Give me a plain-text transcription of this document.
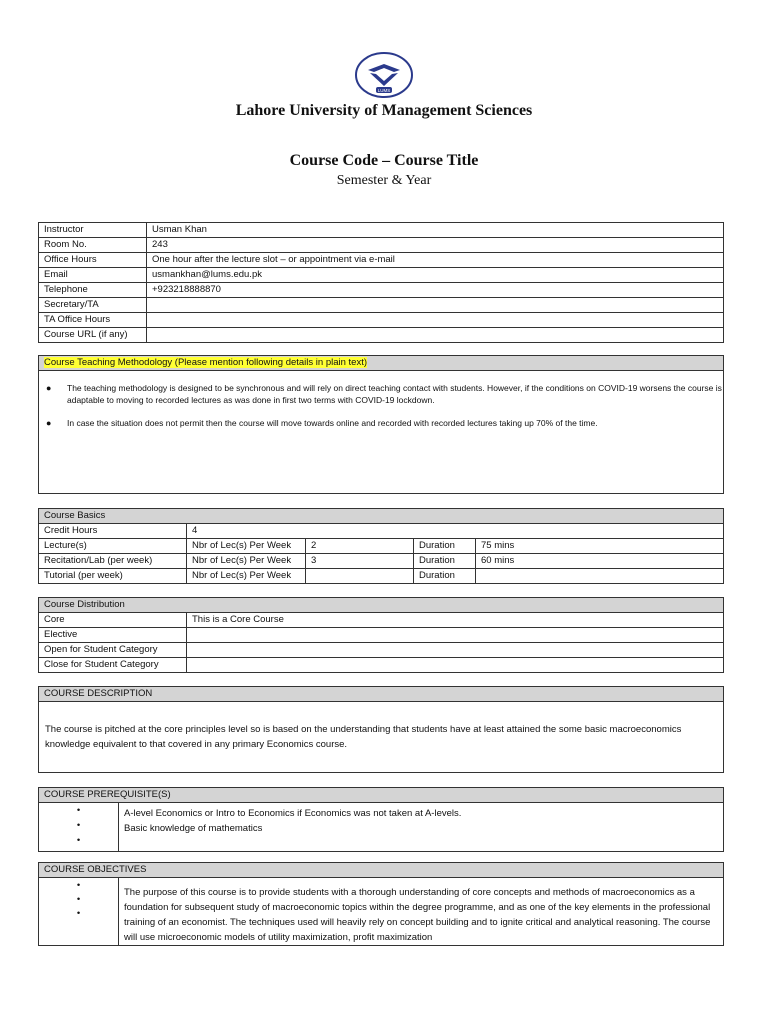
LUMS
Lahore University of Management Sciences
Course Code – Course Title
Semester & Year
Instructor	Usman Khan
Room No.	243
Office Hours	One hour after the lecture slot – or appointment via e-mail
Email	usmankhan@lums.edu.pk
Telephone	+923218888870
Secretary/TA	
TA Office Hours	
Course URL (if any)	
Course Teaching Methodology (Please mention following details in plain text)
● The teaching methodology is designed to be synchronous and will rely on direct teaching contact with students. However, if the conditions on COVID-19 worsens the course is adaptable to moving to recorded lectures as was done in first two terms with COVID-19 lockdown.
● In case the situation does not permit then the course will move towards online and recorded with recorded lectures taking up 70% of the time.
Course Basics				
Credit Hours	4			
Lecture(s)	Nbr of Lec(s) Per Week	2	Duration	75 mins
Recitation/Lab (per week)	Nbr of Lec(s) Per Week	3	Duration	60 mins
Tutorial (per week)	Nbr of Lec(s) Per Week		Duration	
Course Distribution	
Core	This is a Core Course
Elective	
Open for Student Category	
Close for Student Category	
COURSE DESCRIPTION
The course is pitched at the core principles level so is based on the understanding that students have at least attained the some basic macroeconomics knowledge equivalent to that covered in any primary Economics course.
COURSE PREREQUISITE(S)
•
•
•	A-level Economics or Intro to Economics if Economics was not taken at A-levels.
Basic knowledge of mathematics

COURSE OBJECTIVES
•
•
•	The purpose of this course is to provide students with a thorough understanding of core concepts and methods of macroeconomics as a foundation for subsequent study of macroeconomic topics within the degree programme, and as one of the key elements in the professional training of an economist. The techniques used will heavily rely on concept building and to ignite critical and analytical reasoning. The course will use microeconomic models of utility maximization, profit maximization
